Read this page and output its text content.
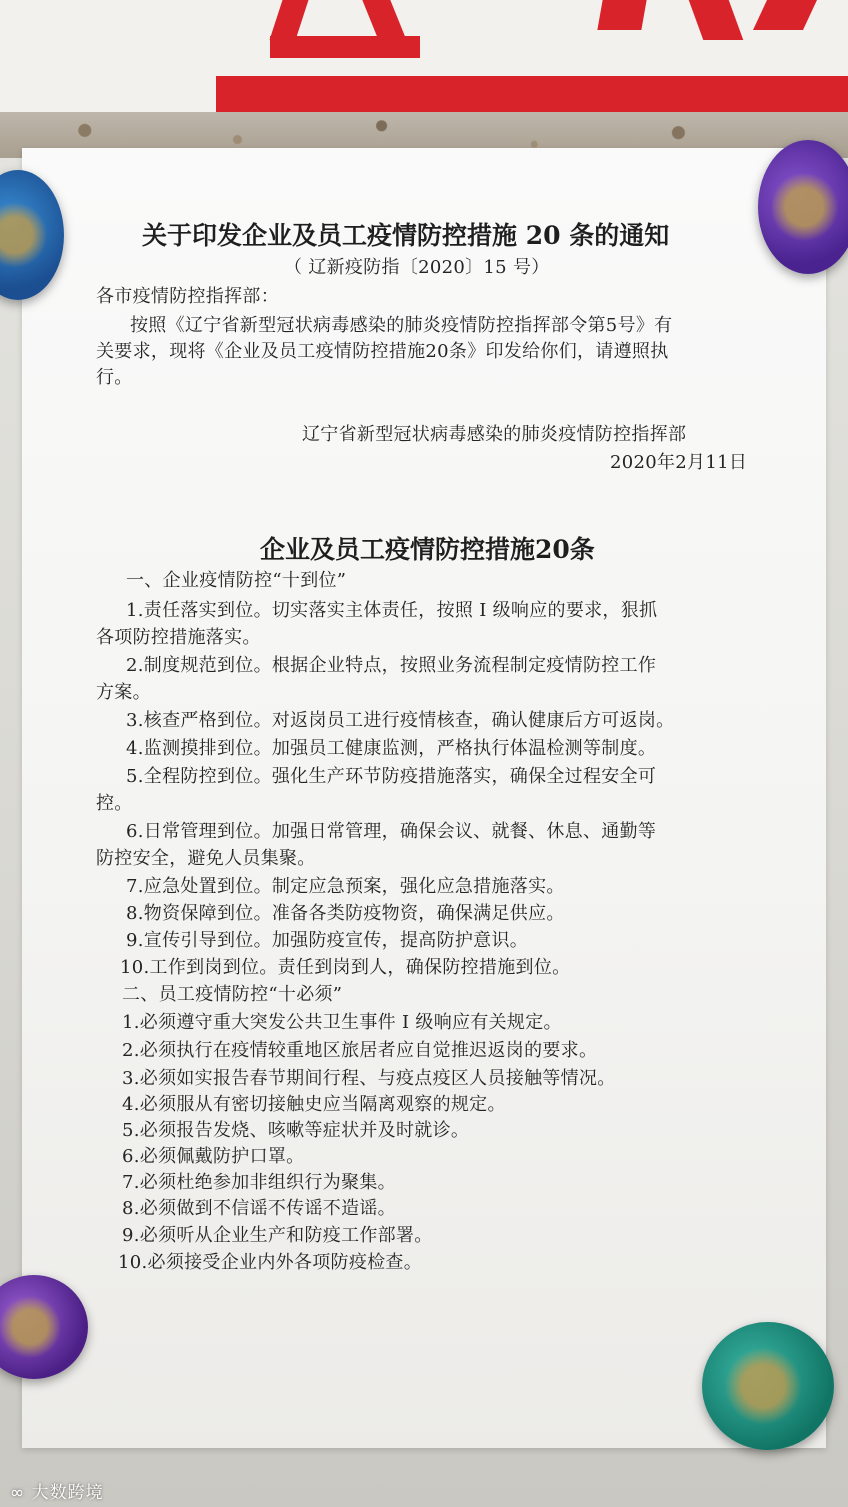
关于印发企业及员工疫情防控措施 20 条的通知
（ 辽新疫防指〔2020〕15 号）
各市疫情防控指挥部：
按照《辽宁省新型冠状病毒感染的肺炎疫情防控指挥部令第5号》有
关要求，现将《企业及员工疫情防控措施20条》印发给你们，请遵照执
行。
辽宁省新型冠状病毒感染的肺炎疫情防控指挥部
2020年2月11日
企业及员工疫情防控措施20条
一、企业疫情防控“十到位”
1.责任落实到位。切实落实主体责任，按照 I 级响应的要求，狠抓
各项防控措施落实。
2.制度规范到位。根据企业特点，按照业务流程制定疫情防控工作
方案。
3.核查严格到位。对返岗员工进行疫情核查，确认健康后方可返岗。
4.监测摸排到位。加强员工健康监测，严格执行体温检测等制度。
5.全程防控到位。强化生产环节防疫措施落实，确保全过程安全可
控。
6.日常管理到位。加强日常管理，确保会议、就餐、休息、通勤等
防控安全，避免人员集聚。
7.应急处置到位。制定应急预案，强化应急措施落实。
8.物资保障到位。准备各类防疫物资，确保满足供应。
9.宣传引导到位。加强防疫宣传，提高防护意识。
10.工作到岗到位。责任到岗到人，确保防控措施到位。
二、员工疫情防控“十必须”
1.必须遵守重大突发公共卫生事件 I 级响应有关规定。
2.必须执行在疫情较重地区旅居者应自觉推迟返岗的要求。
3.必须如实报告春节期间行程、与疫点疫区人员接触等情况。
4.必须服从有密切接触史应当隔离观察的规定。
5.必须报告发烧、咳嗽等症状并及时就诊。
6.必须佩戴防护口罩。
7.必须杜绝参加非组织行为聚集。
8.必须做到不信谣不传谣不造谣。
9.必须听从企业生产和防疫工作部署。
10.必须接受企业内外各项防疫检查。
∞ 大数跨境
